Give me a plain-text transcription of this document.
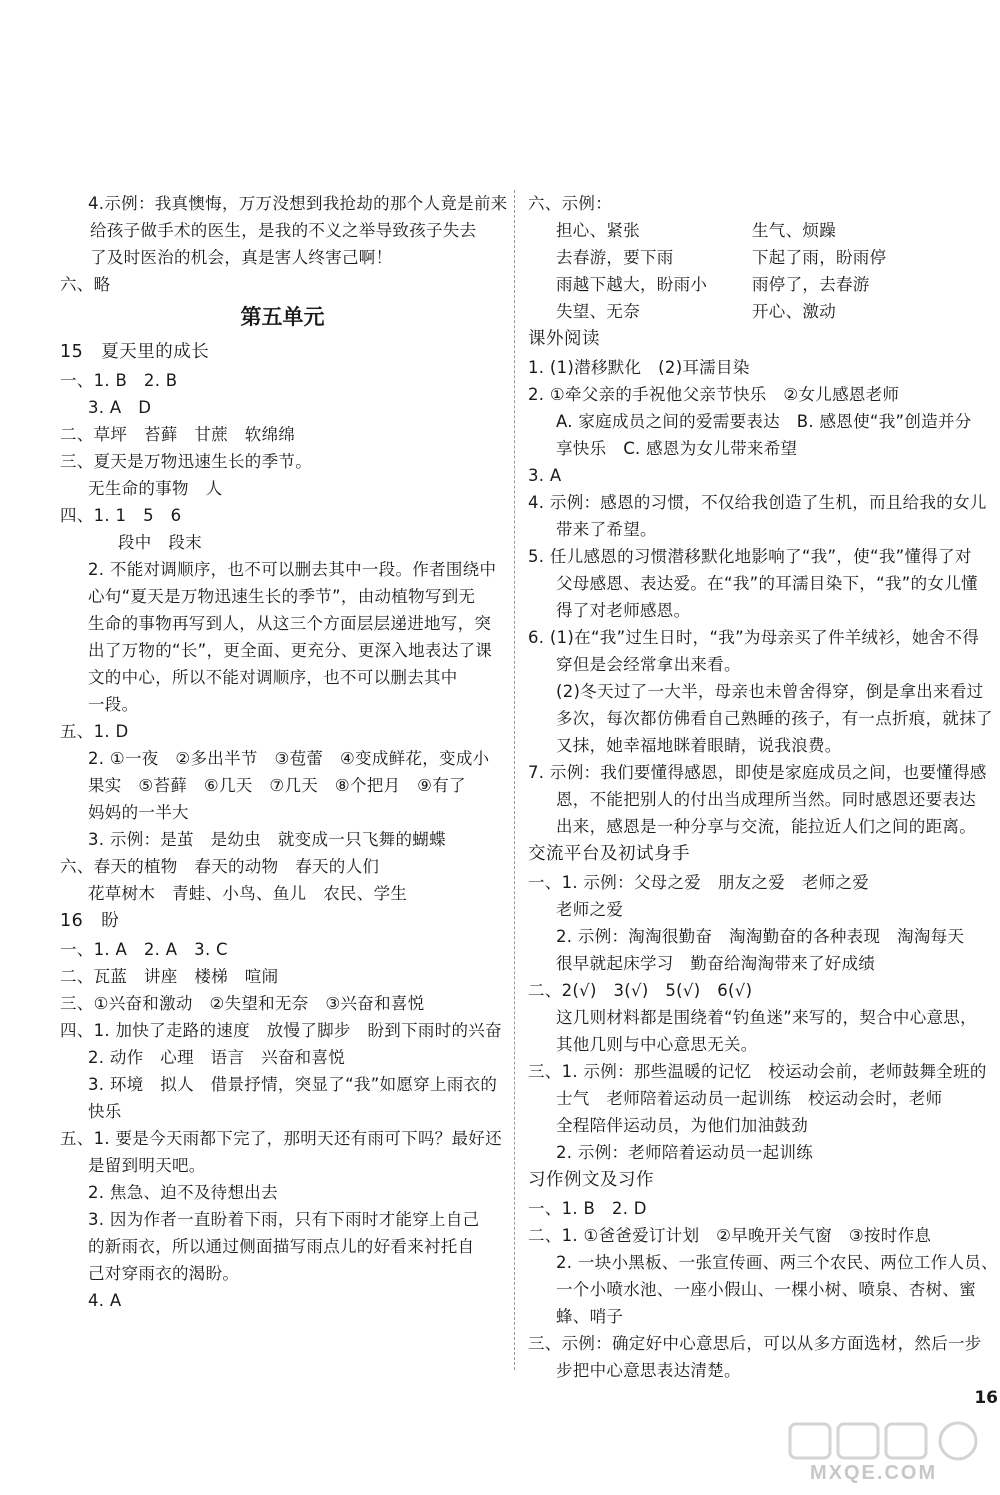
4.示例：我真懊悔，万万没想到我抢劫的那个人竟是前来
给孩子做手术的医生，是我的不义之举导致孩子失去
了及时医治的机会，真是害人终害己啊！
六、略
第五单元
15　夏天里的成长
一、1. B　2. B
3. A　D
二、草坪　苔藓　甘蔗　软绵绵
三、夏天是万物迅速生长的季节。
无生命的事物　人
四、1. 1　5　6
段中　段末
2. 不能对调顺序，也不可以删去其中一段。作者围绕中
心句“夏天是万物迅速生长的季节”，由动植物写到无
生命的事物再写到人，从这三个方面层层递进地写，突
出了万物的“长”，更全面、更充分、更深入地表达了课
文的中心，所以不能对调顺序，也不可以删去其中
一段。
五、1. D
2. ①一夜　②多出半节　③苞蕾　④变成鲜花，变成小
果实　⑤苔藓　⑥几天　⑦几天　⑧个把月　⑨有了
妈妈的一半大
3. 示例：是茧　是幼虫　就变成一只飞舞的蝴蝶
六、春天的植物　春天的动物　春天的人们
花草树木　青蛙、小鸟、鱼儿　农民、学生
16　盼
一、1. A　2. A　3. C
二、瓦蓝　讲座　楼梯　喧闹
三、①兴奋和激动　②失望和无奈　③兴奋和喜悦
四、1. 加快了走路的速度　放慢了脚步　盼到下雨时的兴奋
2. 动作　心理　语言　兴奋和喜悦
3. 环境　拟人　借景抒情，突显了“我”如愿穿上雨衣的
快乐
五、1. 要是今天雨都下完了，那明天还有雨可下吗？最好还
是留到明天吧。
2. 焦急、迫不及待想出去
3. 因为作者一直盼着下雨，只有下雨时才能穿上自己
的新雨衣，所以通过侧面描写雨点儿的好看来衬托自
己对穿雨衣的渴盼。
4. A
六、示例：
担心、紧张	生气、烦躁
去春游，要下雨	下起了雨，盼雨停
雨越下越大，盼雨小	雨停了，去春游
失望、无奈	开心、激动
课外阅读
1. (1)潜移默化　(2)耳濡目染
2. ①牵父亲的手祝他父亲节快乐　②女儿感恩老师
A. 家庭成员之间的爱需要表达　B. 感恩使“我”创造并分
享快乐　C. 感恩为女儿带来希望
3. A
4. 示例：感恩的习惯，不仅给我创造了生机，而且给我的女儿
带来了希望。
5. 任儿感恩的习惯潜移默化地影响了“我”，使“我”懂得了对
父母感恩、表达爱。在“我”的耳濡目染下，“我”的女儿懂
得了对老师感恩。
6. (1)在“我”过生日时，“我”为母亲买了件羊绒衫，她舍不得
穿但是会经常拿出来看。
(2)冬天过了一大半，母亲也未曾舍得穿，倒是拿出来看过
多次，每次都仿佛看自己熟睡的孩子，有一点折痕，就抹了
又抹，她幸福地眯着眼睛，说我浪费。
7. 示例：我们要懂得感恩，即使是家庭成员之间，也要懂得感
恩，不能把别人的付出当成理所当然。同时感恩还要表达
出来，感恩是一种分享与交流，能拉近人们之间的距离。
交流平台及初试身手
一、1. 示例：父母之爱　朋友之爱　老师之爱
老师之爱
2. 示例：淘淘很勤奋　淘淘勤奋的各种表现　淘淘每天
很早就起床学习　勤奋给淘淘带来了好成绩
二、2(√)　3(√)　5(√)　6(√)
这几则材料都是围绕着“钓鱼迷”来写的，契合中心意思，
其他几则与中心意思无关。
三、1. 示例：那些温暖的记忆　校运动会前，老师鼓舞全班的
士气　老师陪着运动员一起训练　校运动会时，老师
全程陪伴运动员，为他们加油鼓劲
2. 示例：老师陪着运动员一起训练
习作例文及习作
一、1. B　2. D
二、1. ①爸爸爱订计划　②早晚开关气窗　③按时作息
2. 一块小黑板、一张宣传画、两三个农民、两位工作人员、
一个小喷水池、一座小假山、一棵小树、喷泉、杏树、蜜
蜂、哨子
三、示例：确定好中心意思后，可以从多方面选材，然后一步
步把中心意思表达清楚。
16
MXQE.COM
